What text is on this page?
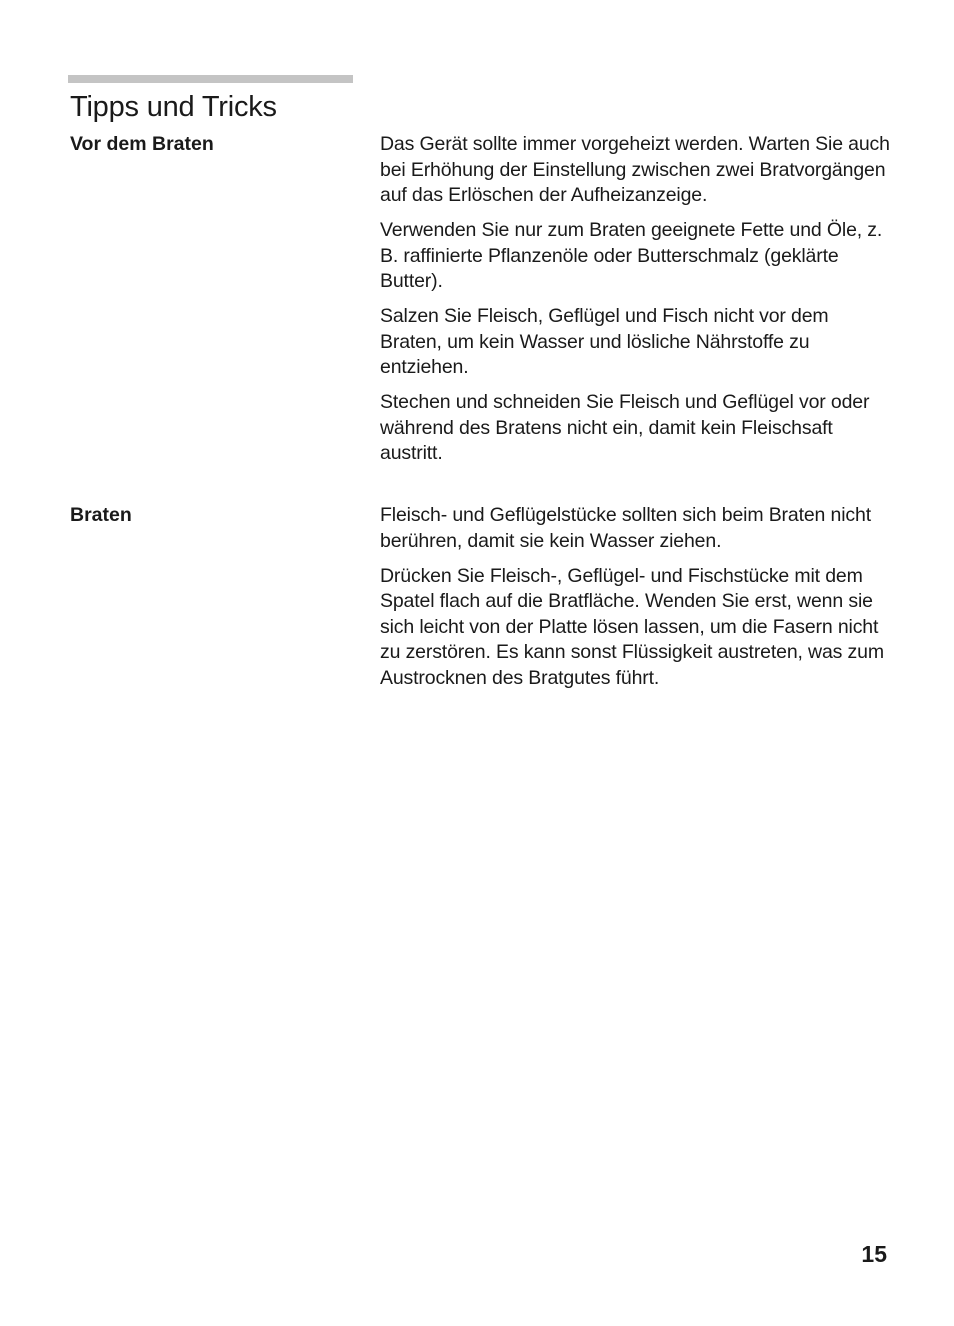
Tipps und Tricks
Vor dem Braten	Das Gerät sollte immer vorgeheizt werden. Warten Sie auch bei Erhöhung der Einstellung zwischen zwei Bratvorgängen auf das Erlöschen der Aufheizanzeige.

Verwenden Sie nur zum Braten geeignete Fette und Öle, z. B. raffinierte Pflanzenöle oder Butterschmalz (geklärte Butter).

Salzen Sie Fleisch, Geflügel und Fisch nicht vor dem Braten, um kein Wasser und lösliche Nährstoffe zu entziehen.

Stechen und schneiden Sie Fleisch und Geflügel vor oder während des Bratens nicht ein, damit kein Fleischsaft austritt.

Braten	Fleisch- und Geflügelstücke sollten sich beim Braten nicht berühren, damit sie kein Wasser ziehen.

Drücken Sie Fleisch-, Geflügel- und Fischstücke mit dem Spatel flach auf die Bratfläche. Wenden Sie erst, wenn sie sich leicht von der Platte lösen lassen, um die Fasern nicht zu zerstören. Es kann sonst Flüssigkeit austreten, was zum Austrocknen des Bratgutes führt.

15
